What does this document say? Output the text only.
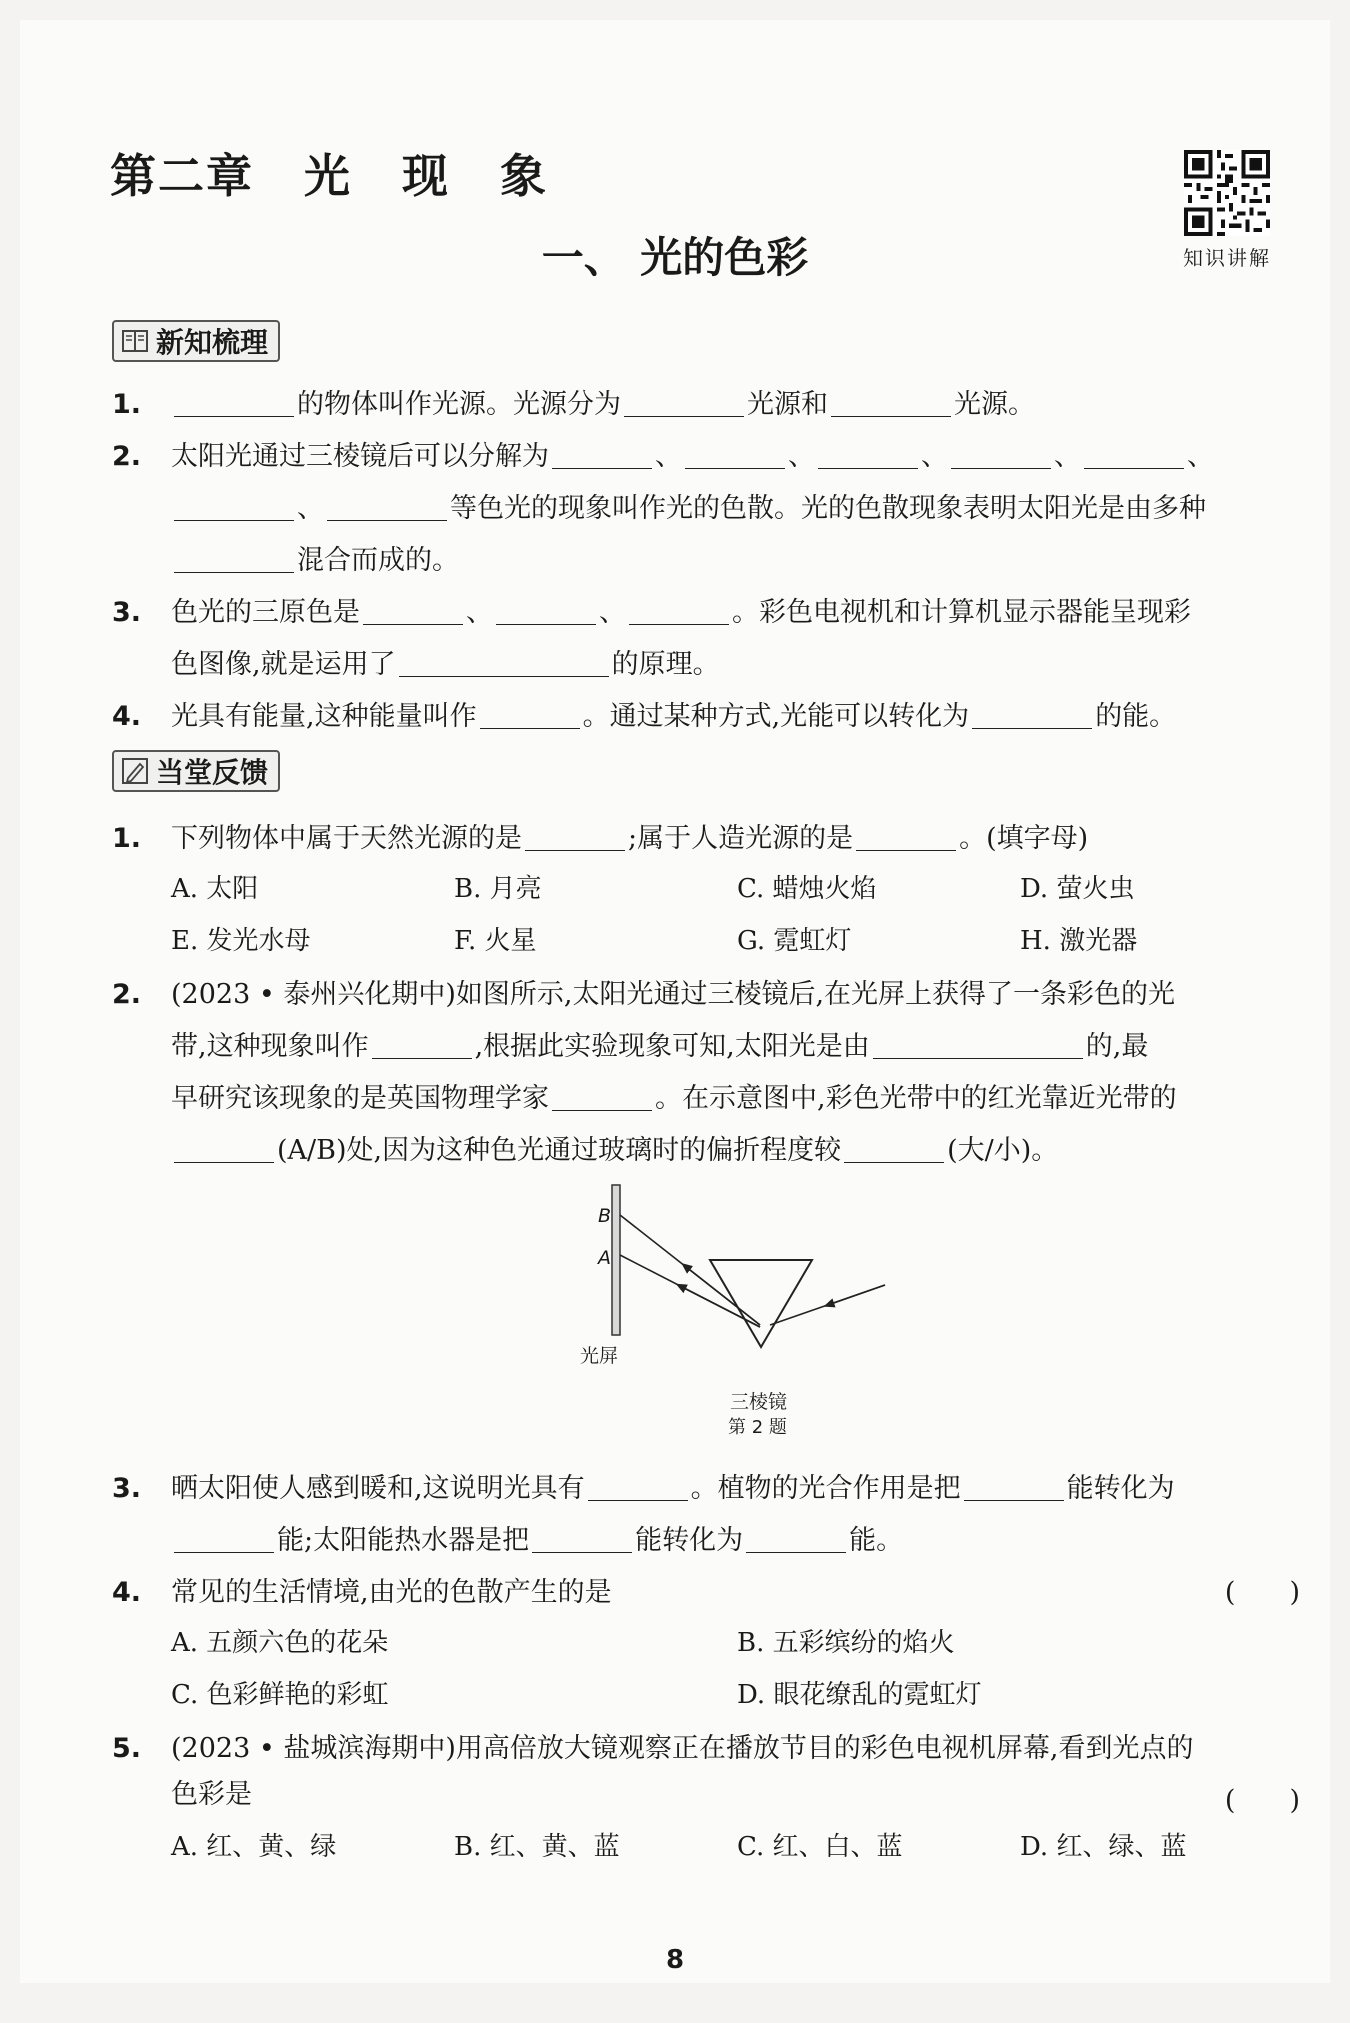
第二章 光 现 象
一、 光的色彩	知识讲解
新知梳理
1.	的物体叫作光源。光源分为	光源和	光源。
2. 太阳光通过三棱镜后可以分解为	、	、	、	、	、
、	等色光的现象叫作光的色散。光的色散现象表明太阳光是由多种
混合而成的。
3. 色光的三原色是	、	、	。彩色电视机和计算机显示器能呈现彩
色图像,就是运用了	的原理。
4. 光具有能量,这种能量叫作	。通过某种方式,光能可以转化为	的能。
当堂反馈
1. 下列物体中属于天然光源的是	;属于人造光源的是	。(填字母)
A. 太阳	B. 月亮	C. 蜡烛火焰	D. 萤火虫
E. 发光水母	F. 火星	G. 霓虹灯	H. 激光器
2. (2023 • 泰州兴化期中)如图所示,太阳光通过三棱镜后,在光屏上获得了一条彩色的光
带,这种现象叫作	,根据此实验现象可知,太阳光是由	的,最
早研究该现象的是英国物理学家	。在示意图中,彩色光带中的红光靠近光带的
(A/B)处,因为这种色光通过玻璃时的偏折程度较	(大/小)。
B
A
光屏
三棱镜
第 2 题
3. 晒太阳使人感到暖和,这说明光具有	。植物的光合作用是把	能转化为
能;太阳能热水器是把	能转化为	能。
4. 常见的生活情境,由光的色散产生的是	(　　)
A. 五颜六色的花朵	B. 五彩缤纷的焰火
C. 色彩鲜艳的彩虹	D. 眼花缭乱的霓虹灯
5. (2023 • 盐城滨海期中)用高倍放大镜观察正在播放节目的彩色电视机屏幕,看到光点的
色彩是	(　　)
A. 红、黄、绿	B. 红、黄、蓝	C. 红、白、蓝	D. 红、绿、蓝
8
